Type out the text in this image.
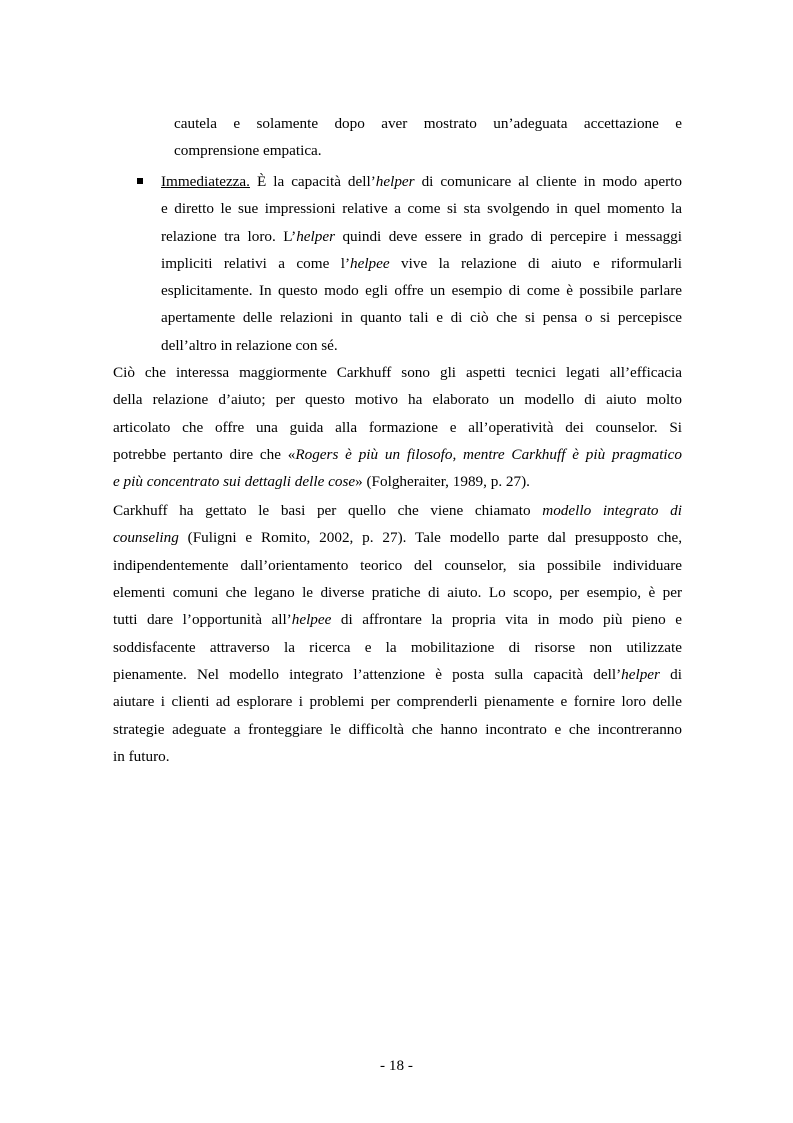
cautela e solamente dopo aver mostrato un’adeguata accettazione e
comprensione empatica.
Immediatezza. È la capacità dell’helper di comunicare al cliente in modo aperto
e diretto le sue impressioni relative a come si sta svolgendo in quel momento la
relazione tra loro. L’helper quindi deve essere in grado di percepire i messaggi
impliciti relativi a come l’helpee vive la relazione di aiuto e riformularli
esplicitamente. In questo modo egli offre un esempio di come è possibile parlare
apertamente delle relazioni in quanto tali e di ciò che si pensa o si percepisce
dell’altro in relazione con sé.
Ciò che interessa maggiormente Carkhuff sono gli aspetti tecnici legati all’efficacia
della relazione d’aiuto; per questo motivo ha elaborato un modello di aiuto molto
articolato che offre una guida alla formazione e all’operatività dei counselor. Si
potrebbe pertanto dire che «Rogers è più un filosofo, mentre Carkhuff è più pragmatico
e più concentrato sui dettagli delle cose» (Folgheraiter, 1989, p. 27).
Carkhuff ha gettato le basi per quello che viene chiamato modello integrato di
counseling (Fuligni e Romito, 2002, p. 27). Tale modello parte dal presupposto che,
indipendentemente dall’orientamento teorico del counselor, sia possibile individuare
elementi comuni che legano le diverse pratiche di aiuto. Lo scopo, per esempio, è per
tutti dare l’opportunità all’helpee di affrontare la propria vita in modo più pieno e
soddisfacente attraverso la ricerca e la mobilitazione di risorse non utilizzate
pienamente. Nel modello integrato l’attenzione è posta sulla capacità dell’helper di
aiutare i clienti ad esplorare i problemi per comprenderli pienamente e fornire loro delle
strategie adeguate a fronteggiare le difficoltà che hanno incontrato e che incontreranno
in futuro.
- 18 -
